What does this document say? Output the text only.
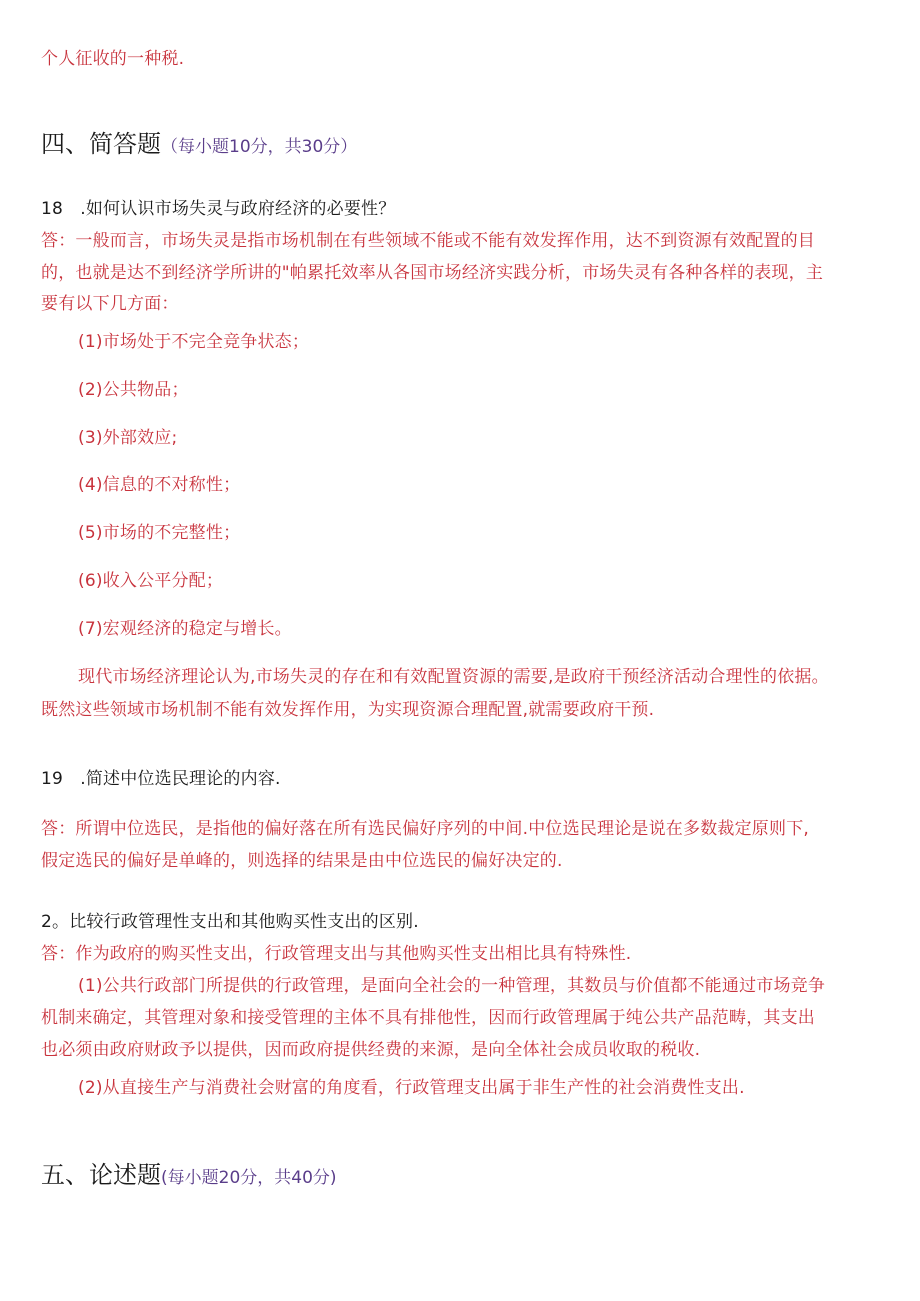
个人征收的一种税.
四、简答题（每小题10分，共30分）
18　.如何认识市场失灵与政府经济的必要性？
答：一般而言，市场失灵是指市场机制在有些领域不能或不能有效发挥作用，达不到资源有效配置的目
的，也就是达不到经济学所讲的"帕累托效率从各国市场经济实践分析，市场失灵有各种各样的表现，主
要有以下几方面：
(1)市场处于不完全竞争状态；
(2)公共物品；
(3)外部效应;
(4)信息的不对称性；
(5)市场的不完整性；
(6)收入公平分配；
(7)宏观经济的稳定与增长。
现代市场经济理论认为,市场失灵的存在和有效配置资源的需要,是政府干预经济活动合理性的依据。
既然这些领域市场机制不能有效发挥作用，为实现资源合理配置,就需要政府干预.
19　.简述中位选民理论的内容.
答：所谓中位选民，是指他的偏好落在所有选民偏好序列的中间.中位选民理论是说在多数裁定原则下,
假定选民的偏好是单峰的，则选择的结果是由中位选民的偏好决定的.
2。比较行政管理性支出和其他购买性支出的区别.
答：作为政府的购买性支出，行政管理支出与其他购买性支出相比具有特殊性.
(1)公共行政部门所提供的行政管理，是面向全社会的一种管理，其数员与价值都不能通过市场竞争
机制来确定，其管理对象和接受管理的主体不具有排他性，因而行政管理属于纯公共产品范畴，其支出
也必须由政府财政予以提供，因而政府提供经费的来源，是向全体社会成员收取的税收.
(2)从直接生产与消费社会财富的角度看，行政管理支出属于非生产性的社会消费性支出.
五、论述题(每小题20分，共40分)
